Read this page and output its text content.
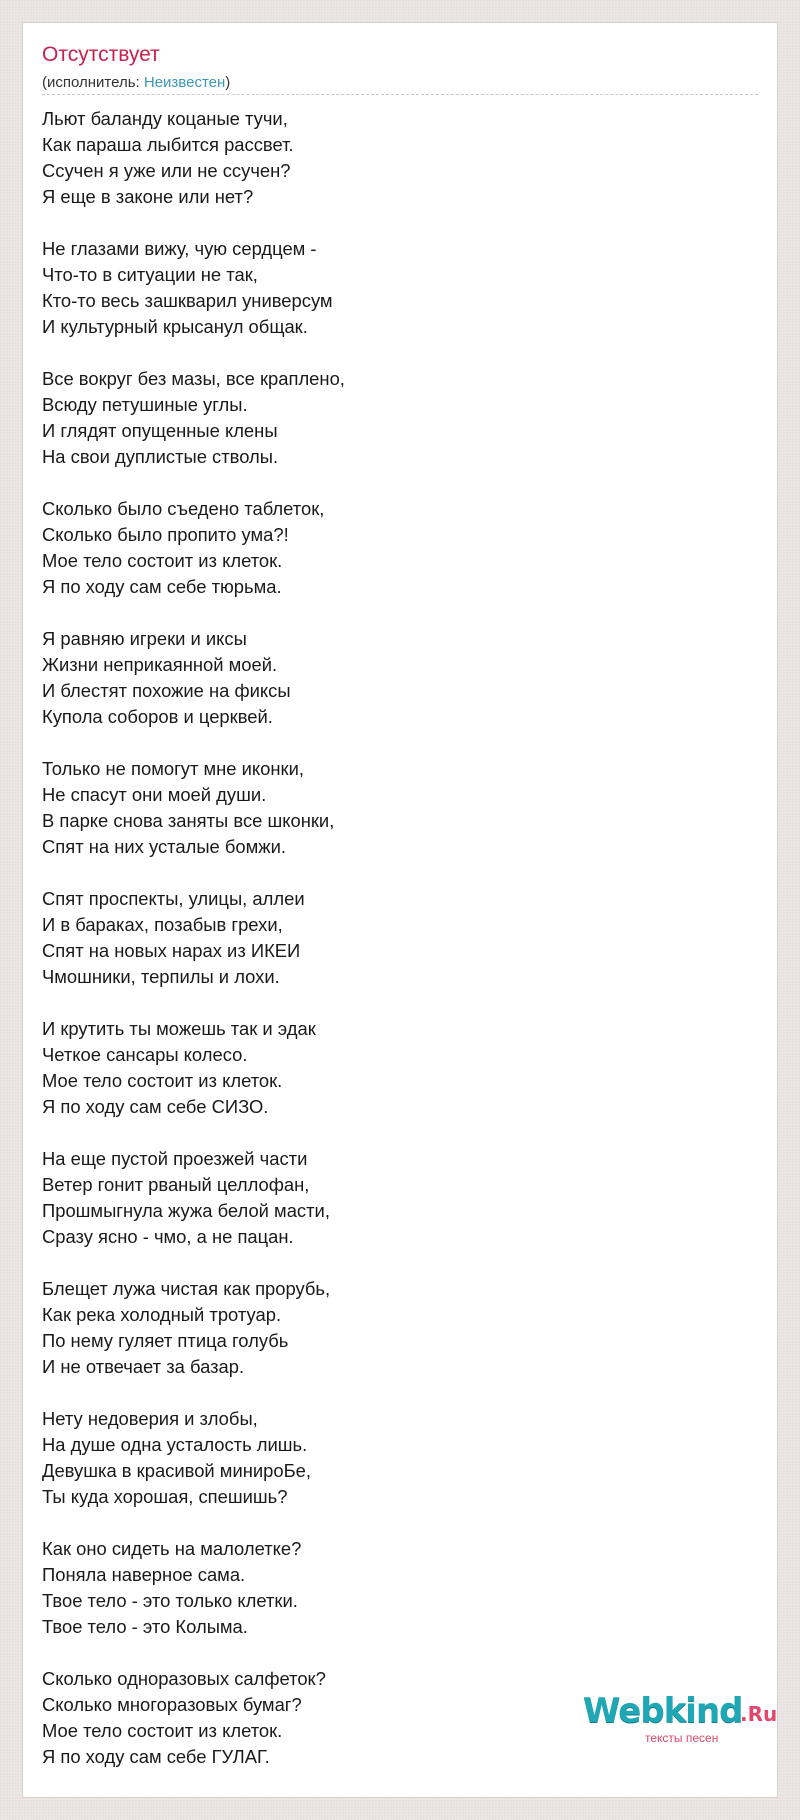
Отсутствует
(исполнитель: Неизвестен)
Льют баланду коцаные тучи,
Как параша лыбится рассвет.
Ссучен я уже или не ссучен?
Я еще в законе или нет?
Не глазами вижу, чую сердцем -
Что-то в ситуации не так,
Кто-то весь зашкварил универсум
И культурный крысанул общак.
Все вокруг без мазы, все краплено,
Всюду петушиные углы.
И глядят опущенные клены
На свои дуплистые стволы.
Сколько было съедено таблеток,
Сколько было пропито ума?!
Мое тело состоит из клеток.
Я по ходу сам себе тюрьма.
Я равняю игреки и иксы
Жизни неприкаянной моей.
И блестят похожие на фиксы
Купола соборов и церквей.
Только не помогут мне иконки,
Не спасут они моей души.
В парке снова заняты все шконки,
Спят на них усталые бомжи.
Спят проспекты, улицы, аллеи
И в бараках, позабыв грехи,
Спят на новых нарах из ИКЕИ
Чмошники, терпилы и лохи.
И крутить ты можешь так и эдак
Четкое сансары колесо.
Мое тело состоит из клеток.
Я по ходу сам себе СИЗО.
На еще пустой проезжей части
Ветер гонит рваный целлофан,
Прошмыгнула жужа белой масти,
Сразу ясно - чмо, а не пацан.
Блещет лужа чистая как прорубь,
Как река холодный тротуар.
По нему гуляет птица голубь
И не отвечает за базар.
Нету недоверия и злобы,
На душе одна усталость лишь.
Девушка в красивой минироБе,
Ты куда хорошая, спешишь?
Как оно сидеть на малолетке?
Поняла наверное сама.
Твое тело - это только клетки.
Твое тело - это Колыма.
Сколько одноразовых салфеток?
Сколько многоразовых бумаг?
Мое тело состоит из клеток.
Я по ходу сам себе ГУЛАГ.
Webkind
.Ru
тексты песен
